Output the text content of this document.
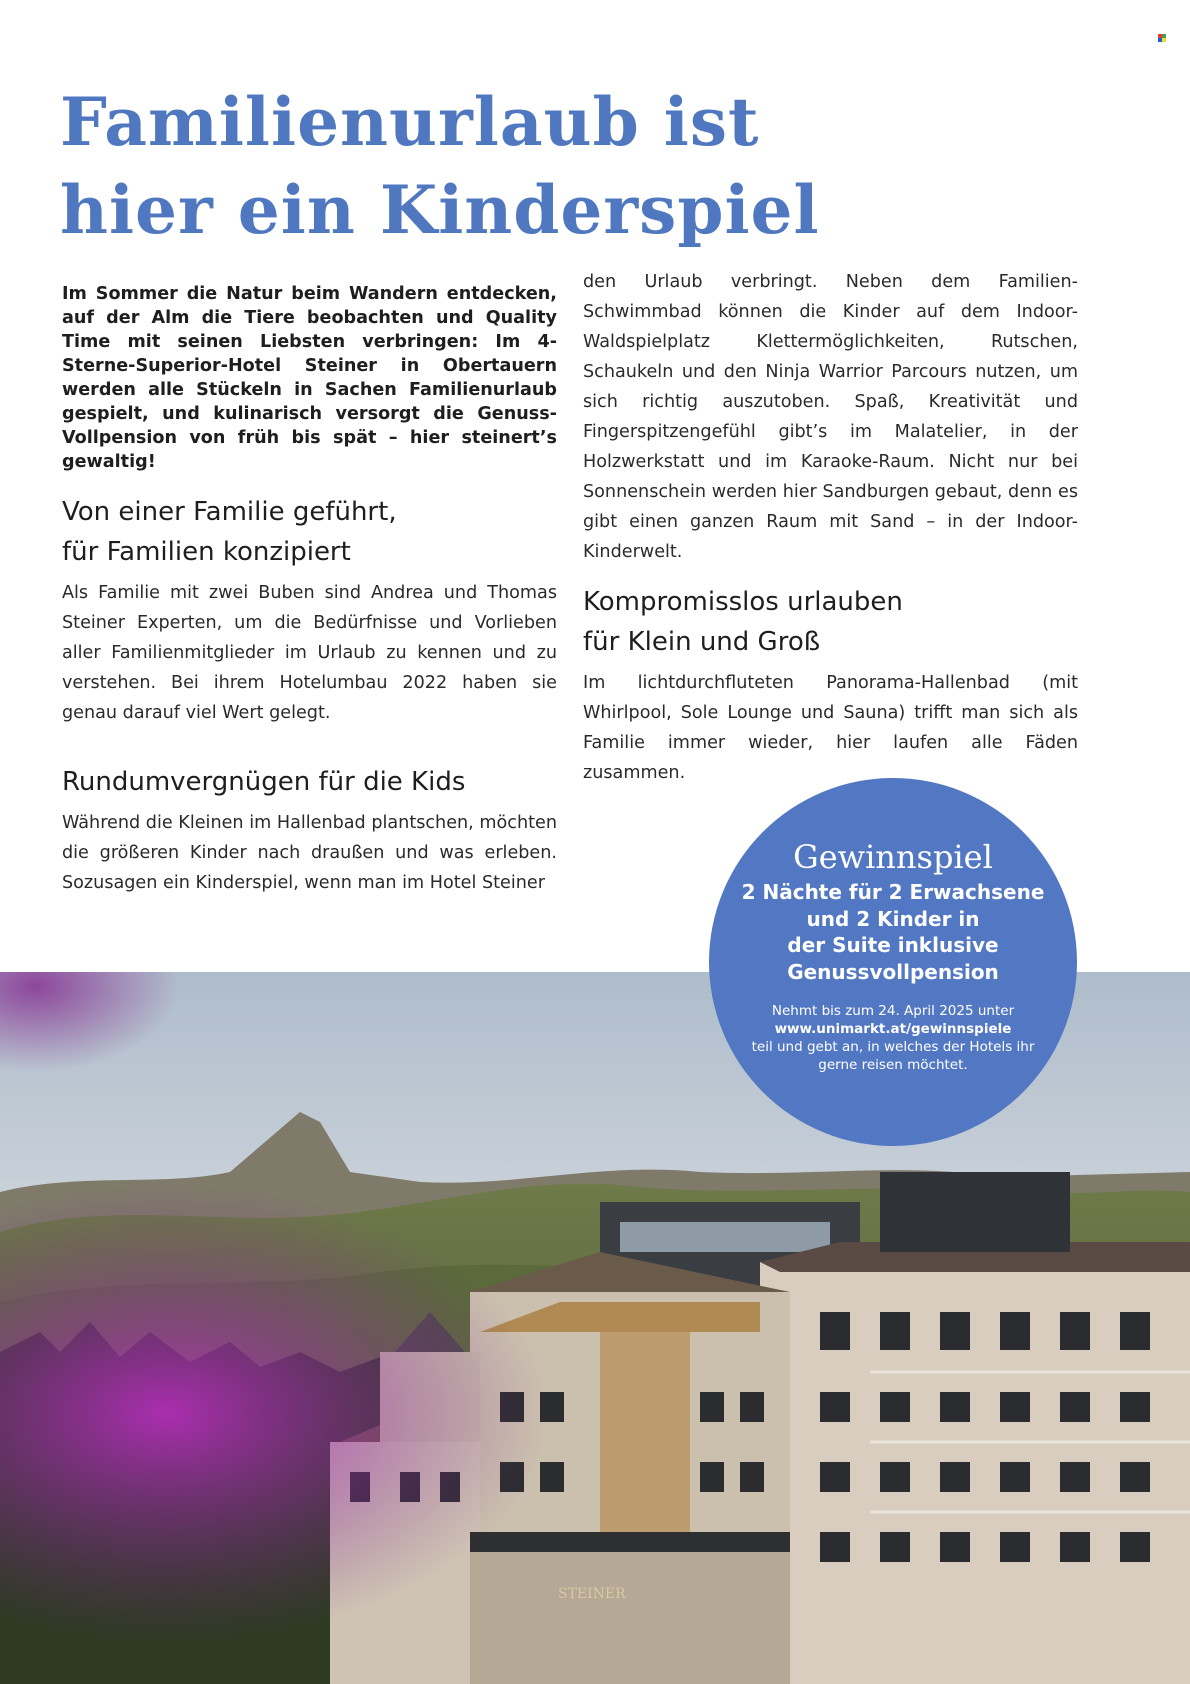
Familienurlaub ist
hier ein Kinderspiel

Im Sommer die Natur beim Wandern entdecken, auf der Alm die Tiere beobachten und Quality Time mit seinen Liebsten verbringen: Im 4-Sterne-Superior-Hotel Steiner in Obertauern werden alle Stückeln in Sachen Familienurlaub gespielt, und kulinarisch versorgt die Genuss-Vollpension von früh bis spät – hier steinert’s gewaltig!

Von einer Familie geführt,
für Familien konzipiert

Als Familie mit zwei Buben sind Andrea und Thomas Steiner Experten, um die Bedürfnisse und Vorlieben aller Familienmitglieder im Urlaub zu kennen und zu verstehen. Bei ihrem Hotelumbau 2022 haben sie genau darauf viel Wert gelegt.

Rundumvergnügen für die Kids

Während die Kleinen im Hallenbad plantschen, möchten die größeren Kinder nach draußen und was erleben. Sozusagen ein Kinderspiel, wenn man im Hotel Steiner

den Urlaub verbringt. Neben dem Familien-Schwimmbad können die Kinder auf dem Indoor-Waldspielplatz Klettermöglichkeiten, Rutschen, Schaukeln und den Ninja Warrior Parcours nutzen, um sich richtig auszutoben. Spaß, Kreativität und Fingerspitzengefühl gibt’s im Malatelier, in der Holzwerkstatt und im Karaoke-Raum. Nicht nur bei Sonnenschein werden hier Sandburgen gebaut, denn es gibt einen ganzen Raum mit Sand – in der Indoor-Kinderwelt.

Kompromisslos urlauben
für Klein und Groß

Im lichtdurchfluteten Panorama-Hallenbad (mit Whirlpool, Sole Lounge und Sauna) trifft man sich als Familie immer wieder, hier laufen alle Fäden zusammen.

Gewinnspiel
2 Nächte für 2 Erwachsene
und 2 Kinder in
der Suite inklusive
Genussvollpension
Nehmt bis zum 24. April 2025 unter
www.unimarkt.at/gewinnspiele
teil und gebt an, in welches der Hotels ihr gerne reisen möchtet.
